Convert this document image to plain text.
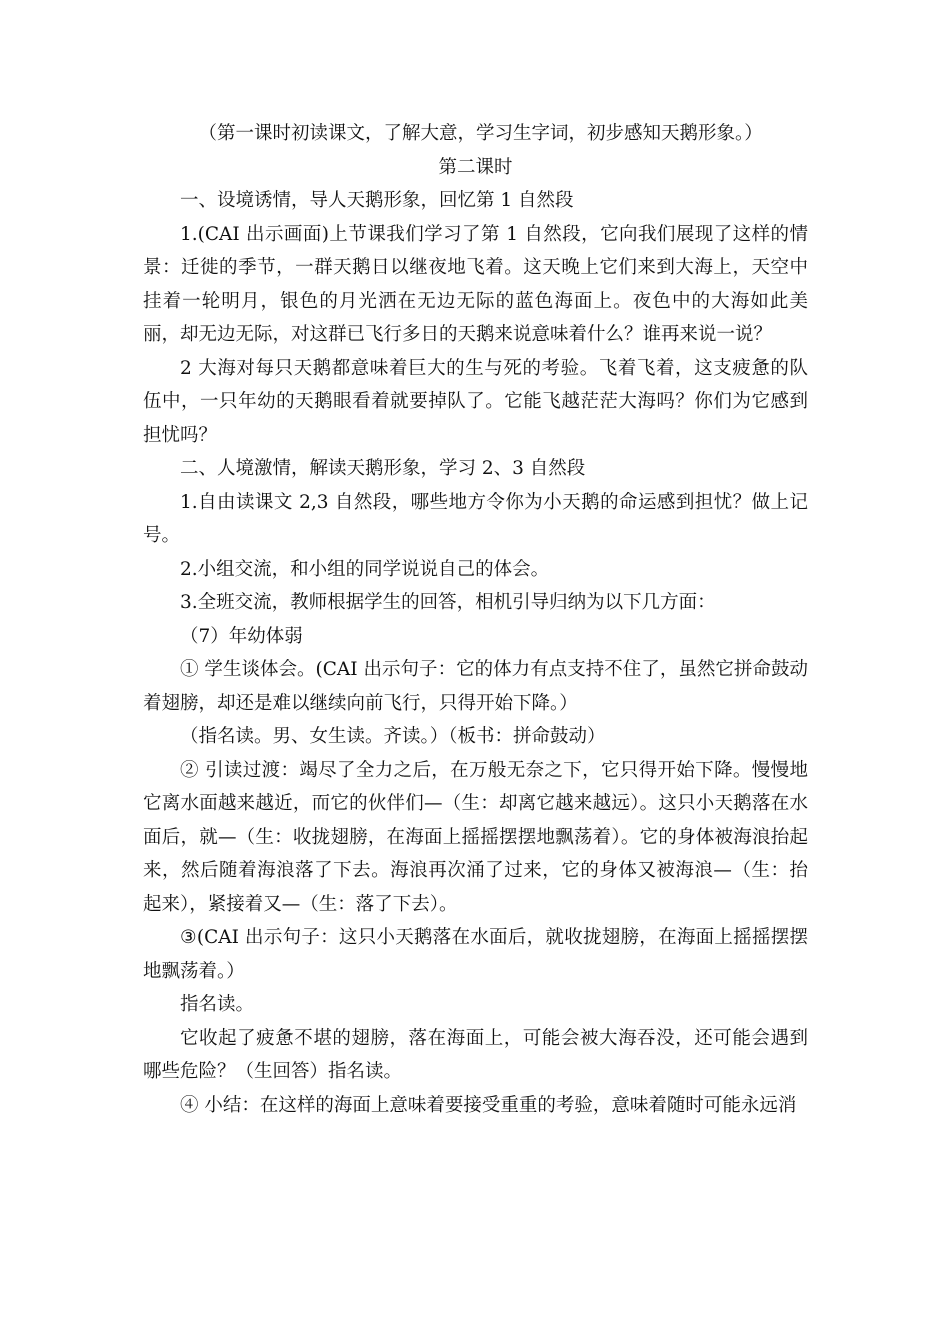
（第一课时初读课文，了解大意，学习生字词，初步感知天鹅形象。）

第二课时

一、设境诱情，导人天鹅形象，回忆第 1 自然段

1.(CAI 出示画面)上节课我们学习了第 1 自然段，它向我们展现了这样的情景：迁徙的季节，一群天鹅日以继夜地飞着。这天晚上它们来到大海上，天空中挂着一轮明月，银色的月光洒在无边无际的蓝色海面上。夜色中的大海如此美丽，却无边无际，对这群已飞行多日的天鹅来说意味着什么？谁再来说一说？

2 大海对每只天鹅都意味着巨大的生与死的考验。飞着飞着，这支疲惫的队伍中，一只年幼的天鹅眼看着就要掉队了。它能飞越茫茫大海吗？你们为它感到担忧吗？

二、人境激情，解读天鹅形象，学习 2、3 自然段

1.自由读课文 2,3 自然段，哪些地方令你为小天鹅的命运感到担忧？做上记号。

2.小组交流，和小组的同学说说自己的体会。

3.全班交流，教师根据学生的回答，相机引导归纳为以下几方面：

（7）年幼体弱

① 学生谈体会。(CAI 出示句子：它的体力有点支持不住了，虽然它拼命鼓动着翅膀，却还是难以继续向前飞行，只得开始下降。）

（指名读。男、女生读。齐读。）（板书：拼命鼓动）

② 引读过渡：竭尽了全力之后，在万般无奈之下，它只得开始下降。慢慢地它离水面越来越近，而它的伙伴们—（生：却离它越来越远）。这只小天鹅落在水面后，就—（生：收拢翅膀，在海面上摇摇摆摆地飘荡着）。它的身体被海浪抬起来，然后随着海浪落了下去。海浪再次涌了过来，它的身体又被海浪—（生：抬起来），紧接着又—（生：落了下去）。

③(CAI 出示句子：这只小天鹅落在水面后，就收拢翅膀，在海面上摇摇摆摆地飘荡着。）

指名读。

它收起了疲惫不堪的翅膀，落在海面上，可能会被大海吞没，还可能会遇到哪些危险？（生回答）指名读。

④ 小结：在这样的海面上意味着要接受重重的考验，意味着随时可能永远消
